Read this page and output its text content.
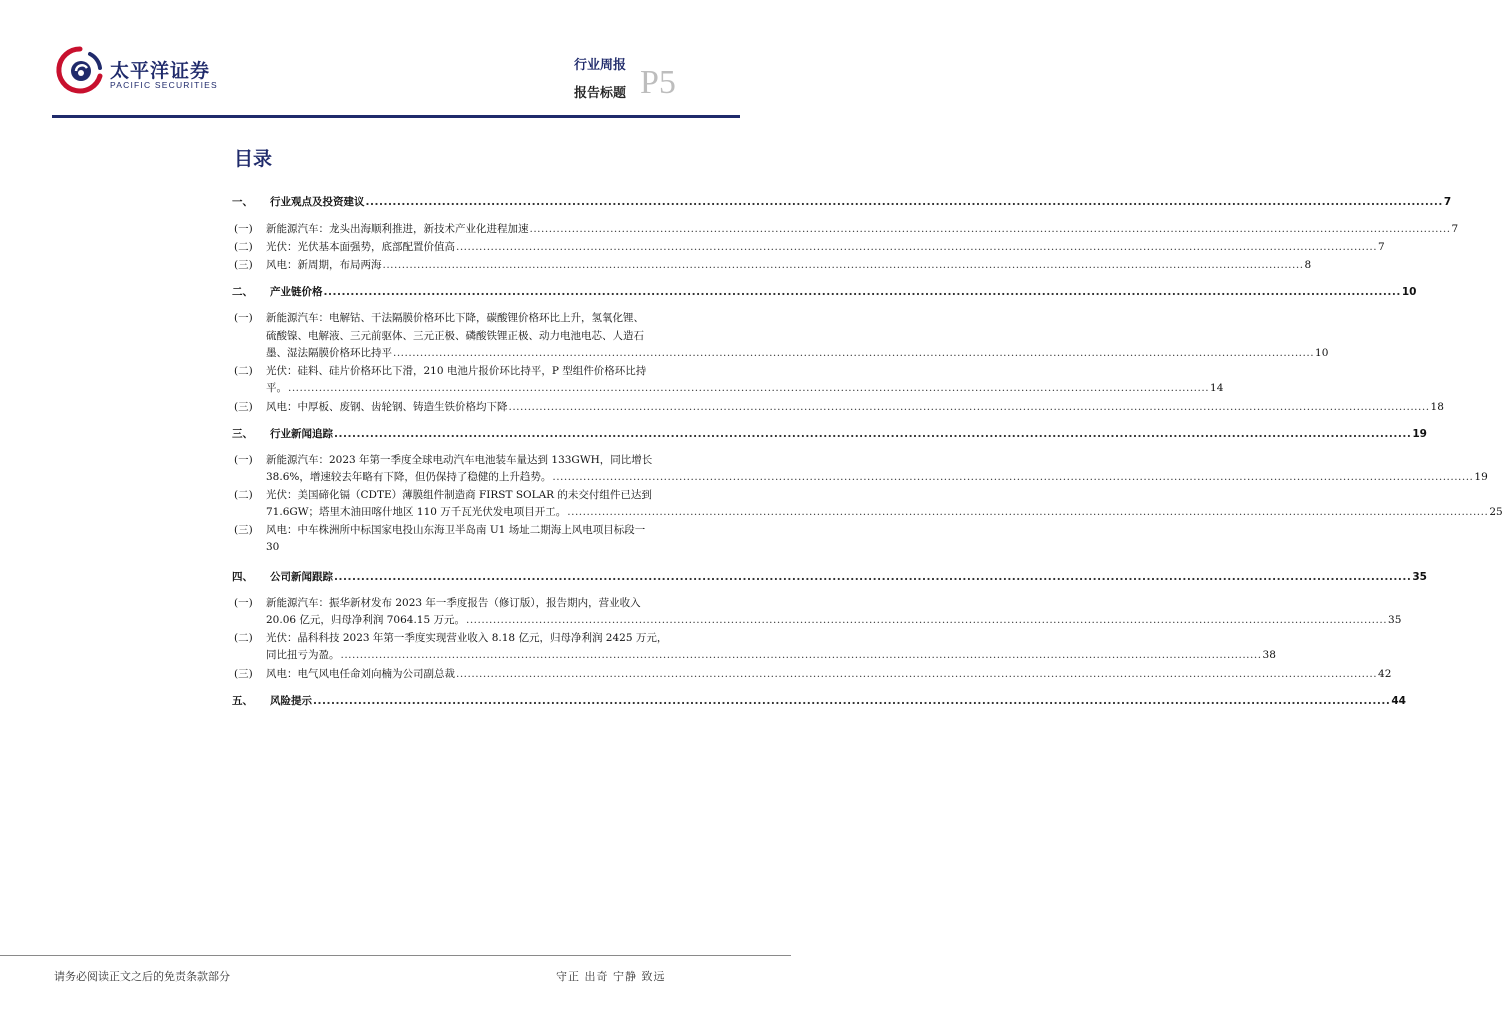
太平洋证券
PACIFIC SECURITIES
行业周报
报告标题 P5
目录
一、	行业观点及投资建议 .....	7
(一)	新能源汽车：龙头出海顺利推进，新技术产业化进程加速 .....	7
(二)	光伏：光伏基本面强势，底部配置价值高 .....	7
(三)	风电：新周期，布局两海 .....	8
二、	产业链价格 .....	10
(一)	新能源汽车：电解钴、干法隔膜价格环比下降，碳酸锂价格环比上升，氢氧化锂、
硫酸镍、电解液、三元前驱体、三元正极、磷酸铁锂正极、动力电池电芯、人造石
墨、湿法隔膜价格环比持平 .....	10
(二)	光伏：硅料、硅片价格环比下滑，210 电池片报价环比持平，P 型组件价格环比持
平。 .....	14
(三)	风电：中厚板、废钢、齿轮钢、铸造生铁价格均下降 .....	18
三、	行业新闻追踪 .....	19
(一)	新能源汽车：2023 年第一季度全球电动汽车电池装车量达到 133GWH，同比增长
38.6%，增速较去年略有下降，但仍保持了稳健的上升趋势。 .....	19
(二)	光伏：美国碲化镉（CDTE）薄膜组件制造商 FIRST SOLAR 的未交付组件已达到
71.6GW；塔里木油田喀什地区 110 万千瓦光伏发电项目开工。 .....	25
(三)	风电：中车株洲所中标国家电投山东海卫半岛南 U1 场址二期海上风电项目标段一
30
四、	公司新闻跟踪 .....	35
(一)	新能源汽车：振华新材发布 2023 年一季度报告（修订版），报告期内，营业收入
20.06 亿元，归母净利润 7064.15 万元。 .....	35
(二)	光伏：晶科科技 2023 年第一季度实现营业收入 8.18 亿元，归母净利润 2425 万元，
同比扭亏为盈。 .....	38
(三)	风电：电气风电任命刘向楠为公司副总裁 .....	42
五、	风险提示 .....	44
请务必阅读正文之后的免责条款部分	守正 出奇 宁静 致远
